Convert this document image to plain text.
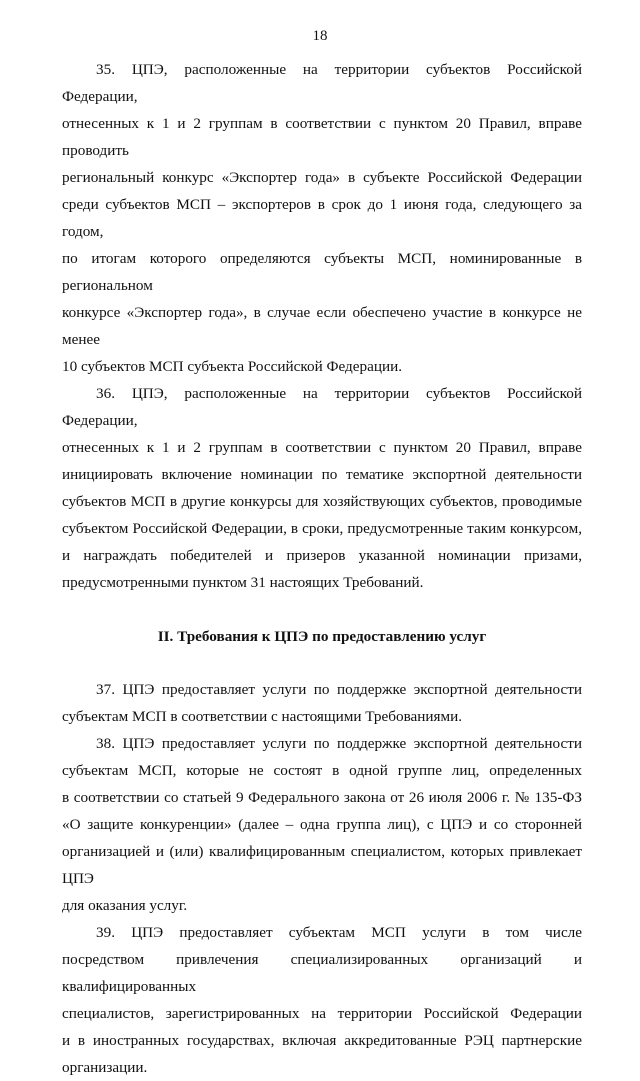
18
35. ЦПЭ, расположенные на территории субъектов Российской Федерации,
отнесенных к 1 и 2 группам в соответствии с пунктом 20 Правил, вправе проводить
региональный конкурс «Экспортер года» в субъекте Российской Федерации
среди субъектов МСП – экспортеров в срок до 1 июня года, следующего за годом,
по итогам которого определяются субъекты МСП, номинированные в региональном
конкурсе «Экспортер года», в случае если обеспечено участие в конкурсе не менее
10 субъектов МСП субъекта Российской Федерации.
36. ЦПЭ, расположенные на территории субъектов Российской Федерации,
отнесенных к 1 и 2 группам в соответствии с пунктом 20 Правил, вправе
инициировать включение номинации по тематике экспортной деятельности
субъектов МСП в другие конкурсы для хозяйствующих субъектов, проводимые
субъектом Российской Федерации, в сроки, предусмотренные таким конкурсом,
и награждать победителей и призеров указанной номинации призами,
предусмотренными пунктом 31 настоящих Требований.
II. Требования к ЦПЭ по предоставлению услуг
37. ЦПЭ предоставляет услуги по поддержке экспортной деятельности
субъектам МСП в соответствии с настоящими Требованиями.
38. ЦПЭ предоставляет услуги по поддержке экспортной деятельности
субъектам МСП, которые не состоят в одной группе лиц, определенных
в соответствии со статьей 9 Федерального закона от 26 июля 2006 г. № 135-ФЗ
«О защите конкуренции» (далее – одна группа лиц), с ЦПЭ и со сторонней
организацией и (или) квалифицированным специалистом, которых привлекает ЦПЭ
для оказания услуг.
39. ЦПЭ предоставляет субъектам МСП услуги в том числе
посредством привлечения специализированных организаций и квалифицированных
специалистов, зарегистрированных на территории Российской Федерации
и в иностранных государствах, включая аккредитованные РЭЦ партнерские
организации.
